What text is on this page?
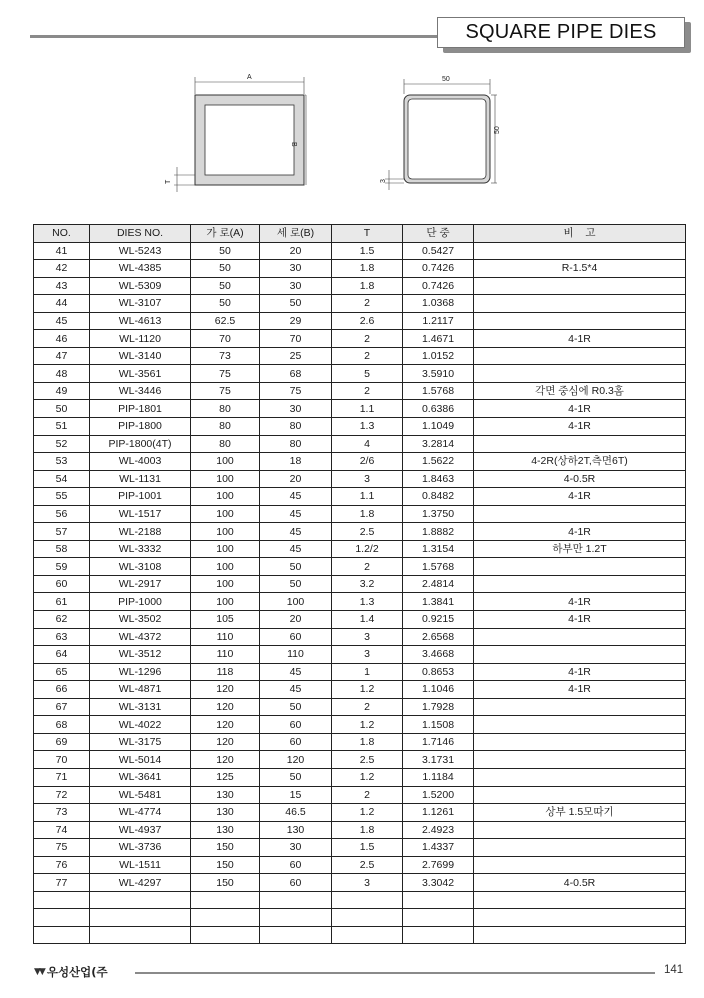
SQUARE PIPE DIES
A
B
T
50
50
3
NO.	DIES NO.	가 로(A)	세 로(B)	T	단 중	비    고
41	WL-5243	50	20	1.5	0.5427	
42	WL-4385	50	30	1.8	0.7426	R-1.5*4
43	WL-5309	50	30	1.8	0.7426	
44	WL-3107	50	50	2	1.0368	
45	WL-4613	62.5	29	2.6	1.2117	
46	WL-1120	70	70	2	1.4671	4-1R
47	WL-3140	73	25	2	1.0152	
48	WL-3561	75	68	5	3.5910	
49	WL-3446	75	75	2	1.5768	각면 중심에 R0.3홈
50	PIP-1801	80	30	1.1	0.6386	4-1R
51	PIP-1800	80	80	1.3	1.1049	4-1R
52	PIP-1800(4T)	80	80	4	3.2814	
53	WL-4003	100	18	2/6	1.5622	4-2R(상하2T,측면6T)
54	WL-1131	100	20	3	1.8463	4-0.5R
55	PIP-1001	100	45	1.1	0.8482	4-1R
56	WL-1517	100	45	1.8	1.3750	
57	WL-2188	100	45	2.5	1.8882	4-1R
58	WL-3332	100	45	1.2/2	1.3154	하부만 1.2T
59	WL-3108	100	50	2	1.5768	
60	WL-2917	100	50	3.2	2.4814	
61	PIP-1000	100	100	1.3	1.3841	4-1R
62	WL-3502	105	20	1.4	0.9215	4-1R
63	WL-4372	110	60	3	2.6568	
64	WL-3512	110	110	3	3.4668	
65	WL-1296	118	45	1	0.8653	4-1R
66	WL-4871	120	45	1.2	1.1046	4-1R
67	WL-3131	120	50	2	1.7928	
68	WL-4022	120	60	1.2	1.1508	
69	WL-3175	120	60	1.8	1.7146	
70	WL-5014	120	120	2.5	3.1731	
71	WL-3641	125	50	1.2	1.1184	
72	WL-5481	130	15	2	1.5200	
73	WL-4774	130	46.5	1.2	1.1261	상부 1.5모따기
74	WL-4937	130	130	1.8	2.4923	
75	WL-3736	150	30	1.5	1.4337	
76	WL-1511	150	60	2.5	2.7699	
77	WL-4297	150	60	3	3.3042	4-0.5R

▼▼ 우성산업(주	141
